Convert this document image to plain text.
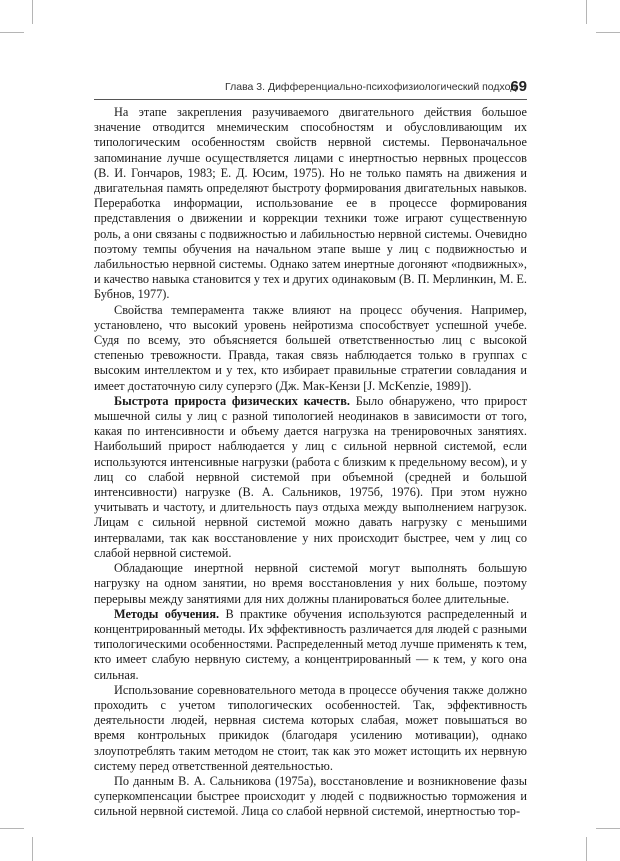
Глава 3. Дифференциально-психофизиологический подход
69

На этапе закрепления разучиваемого двигательного действия большое значение отводится мнемическим способностям и обусловливающим их типологическим особенностям свойств нервной системы. Первоначальное запоминание лучше осуществляется лицами с инертностью нервных процессов (В. И. Гончаров, 1983; Е. Д. Юсим, 1975). Но не только память на движения и двигательная память определяют быстроту формирования двигательных навыков. Переработка информации, использование ее в процессе формирования представления о движении и коррекции техники тоже играют существенную роль, а они связаны с подвижностью и лабильностью нервной системы. Очевидно поэтому темпы обучения на начальном этапе выше у лиц с подвижностью и лабильностью нервной системы. Однако затем инертные догоняют «подвижных», и качество навыка становится у тех и других одинаковым (В. П. Мерлинкин, М. Е. Бубнов, 1977).

Свойства темперамента также влияют на процесс обучения. Например, установлено, что высокий уровень нейротизма способствует успешной учебе. Судя по всему, это объясняется большей ответственностью лиц с высокой степенью тревожности. Правда, такая связь наблюдается только в группах с высоким интеллектом и у тех, кто избирает правильные стратегии совладания и имеет достаточную силу суперэго (Дж. Мак-Кензи [J. McKenzie, 1989]).

Быстрота прироста физических качеств. Было обнаружено, что прирост мышечной силы у лиц с разной типологией неодинаков в зависимости от того, какая по интенсивности и объему дается нагрузка на тренировочных занятиях. Наибольший прирост наблюдается у лиц с сильной нервной системой, если используются интенсивные нагрузки (работа с близким к предельному весом), и у лиц со слабой нервной системой при объемной (средней и большой интенсивности) нагрузке (В. А. Сальников, 1975б, 1976). При этом нужно учитывать и частоту, и длительность пауз отдыха между выполнением нагрузок. Лицам с сильной нервной системой можно давать нагрузку с меньшими интервалами, так как восстановление у них происходит быстрее, чем у лиц со слабой нервной системой.

Обладающие инертной нервной системой могут выполнять большую нагрузку на одном занятии, но время восстановления у них больше, поэтому перерывы между занятиями для них должны планироваться более длительные.

Методы обучения. В практике обучения используются распределенный и концентрированный методы. Их эффективность различается для людей с разными типологическими особенностями. Распределенный метод лучше применять к тем, кто имеет слабую нервную систему, а концентрированный — к тем, у кого она сильная.

Использование соревновательного метода в процессе обучения также должно проходить с учетом типологических особенностей. Так, эффективность деятельности людей, нервная система которых слабая, может повышаться во время контрольных прикидок (благодаря усилению мотивации), однако злоупотреблять таким методом не стоит, так как это может истощить их нервную систему перед ответственной деятельностью.

По данным В. А. Сальникова (1975а), восстановление и возникновение фазы суперкомпенсации быстрее происходит у людей с подвижностью торможения и сильной нервной системой. Лица со слабой нервной системой, инертностью тор-
